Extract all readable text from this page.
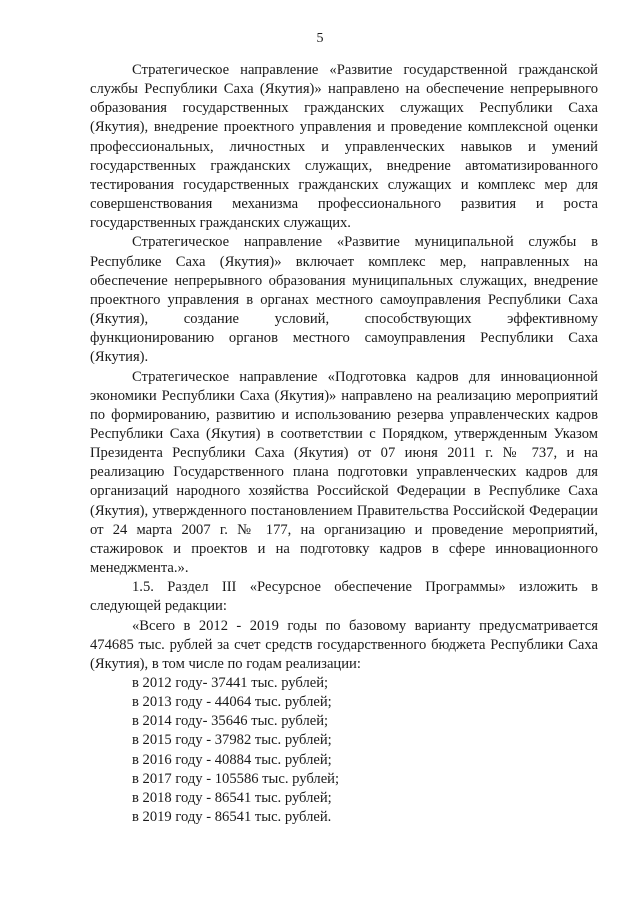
5

Стратегическое направление «Развитие государственной гражданской службы Республики Саха (Якутия)» направлено на обеспечение непрерывного образования государственных гражданских служащих Республики Саха (Якутия), внедрение проектного управления и проведение комплексной оценки профессиональных, личностных и управленческих навыков и умений государственных гражданских служащих, внедрение автоматизированного тестирования государственных гражданских служащих и комплекс мер для совершенствования механизма профессионального развития и роста государственных гражданских служащих.

Стратегическое направление «Развитие муниципальной службы в Республике Саха (Якутия)» включает комплекс мер, направленных на обеспечение непрерывного образования муниципальных служащих, внедрение проектного управления в органах местного самоуправления Республики Саха (Якутия), создание условий, способствующих эффективному функционированию органов местного самоуправления Республики Саха (Якутия).

Стратегическое направление «Подготовка кадров для инновационной экономики Республики Саха (Якутия)» направлено на реализацию мероприятий по формированию, развитию и использованию резерва управленческих кадров Республики Саха (Якутия) в соответствии с Порядком, утвержденным Указом Президента Республики Саха (Якутия) от 07 июня 2011 г. № 737, и на реализацию Государственного плана подготовки управленческих кадров для организаций народного хозяйства Российской Федерации в Республике Саха (Якутия), утвержденного постановлением Правительства Российской Федерации от 24 марта 2007 г. № 177, на организацию и проведение мероприятий, стажировок и проектов и на подготовку кадров в сфере инновационного менеджмента.».

1.5. Раздел III «Ресурсное обеспечение Программы» изложить в следующей редакции:

«Всего в 2012 - 2019 годы по базовому варианту предусматривается 474685 тыс. рублей за счет средств государственного бюджета Республики Саха (Якутия), в том числе по годам реализации:

в 2012 году- 37441 тыс. рублей;
в 2013 году - 44064 тыс. рублей;
в 2014 году- 35646 тыс. рублей;
в 2015 году - 37982 тыс. рублей;
в 2016 году - 40884 тыс. рублей;
в 2017 году - 105586 тыс. рублей;
в 2018 году - 86541 тыс. рублей;
в 2019 году - 86541 тыс. рублей.
